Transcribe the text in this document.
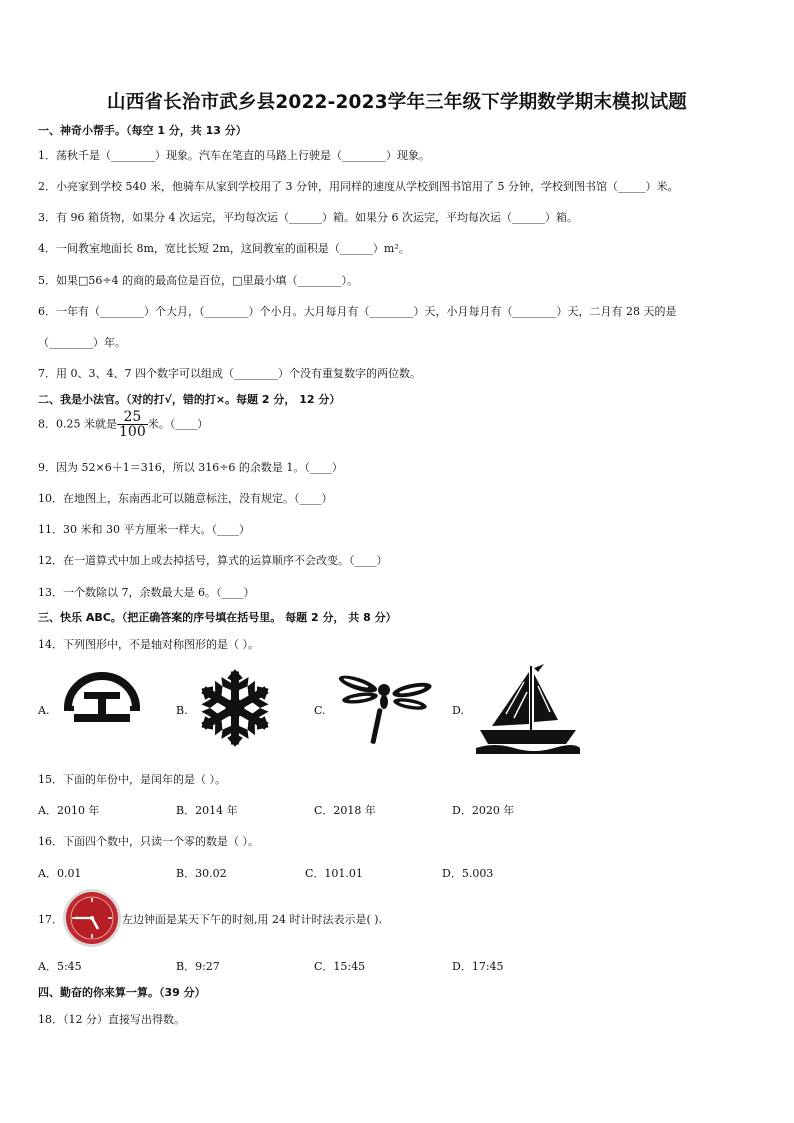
山西省长治市武乡县2022-2023学年三年级下学期数学期末模拟试题
一、神奇小帮手。（每空 1 分，共 13 分）
1．荡秋千是（________）现象。汽车在笔直的马路上行驶是（________）现象。
2．小亮家到学校 540 米，他骑车从家到学校用了 3 分钟，用同样的速度从学校到图书馆用了 5 分钟，学校到图书馆（_____）米。
3．有 96 箱货物，如果分 4 次运完，平均每次运（______）箱。如果分 6 次运完，平均每次运（______）箱。
4．一间教室地面长 8m，宽比长短 2m，这间教室的面积是（______）m²。
5．如果□56÷4 的商的最高位是百位，□里最小填（________）。
6．一年有（________）个大月，（________）个小月。大月每月有（________）天，小月每月有（________）天，二月有 28 天的是
（________）年。
7．用 0、3、4、7 四个数字可以组成（________）个没有重复数字的两位数。
二、我是小法官。（对的打√，错的打×。每题 2 分， 12 分）
8．0.25 米就是 $\frac{25}{100}$ 米。（____）
9．因为 52×6＋1＝316，所以 316÷6 的余数是 1。（____）
10．在地图上，东南西北可以随意标注，没有规定。（____）
11．30 米和 30 平方厘米一样大。（____）
12．在一道算式中加上或去掉括号，算式的运算顺序不会改变。（____）
13．一个数除以 7，余数最大是 6。（____）
三、快乐 ABC。（把正确答案的序号填在括号里。 每题 2 分， 共 8 分）
14．下列图形中，不是轴对称图形的是（ ）。
A.	B.	C.	D.
15．下面的年份中，是闰年的是（ ）。
A．2010 年	B．2014 年	C．2018 年	D．2020 年
16．下面四个数中，只读一个零的数是（ ）。
A．0.01	B．30.02	C．101.01	D．5.003
17．	左边钟面是某天下午的时刻,用 24 时计时法表示是( ).
A．5:45	B．9:27	C．15:45	D．17:45
四、勤奋的你来算一算。（39 分）
18．（12 分）直接写出得数。
